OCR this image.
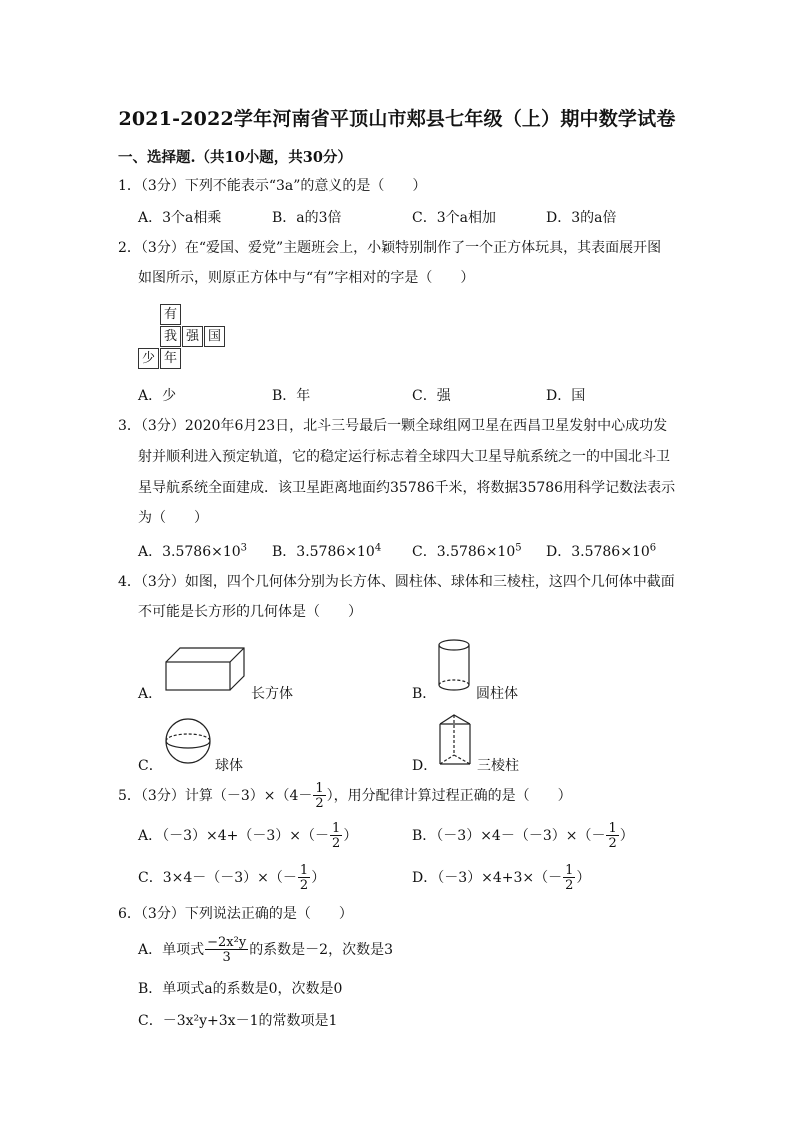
2021-2022学年河南省平顶山市郏县七年级（上）期中数学试卷
一、选择题.（共10小题，共30分）
1．（3分）下列不能表示“3a”的意义的是（　　）
A．3个a相乘	B．a的3倍	C．3个a相加	D．3的a倍
2．（3分）在“爱国、爱党”主题班会上，小颖特别制作了一个正方体玩具，其表面展开图
如图所示，则原正方体中与“有”字相对的字是（　　）
有
我 强 国
少 年
A．少	B．年	C．强	D．国
3．（3分）2020年6月23日，北斗三号最后一颗全球组网卫星在西昌卫星发射中心成功发
射并顺利进入预定轨道，它的稳定运行标志着全球四大卫星导航系统之一的中国北斗卫
星导航系统全面建成．该卫星距离地面约35786千米，将数据35786用科学记数法表示
为（　　）
A．$3.5786\times 10^3$ B．$3.5786\times 10^4$ C．$3.5786\times 10^5$ D．$3.5786\times 10^6$
4．（3分）如图，四个几何体分别为长方体、圆柱体、球体和三棱柱，这四个几何体中截面
不可能是长方形的几何体是（　　）
A．	长方体	B．	圆柱体
C．	球体	D．	三棱柱
5．（3分）计算$(-3)\times(4- \frac{1}{2}$ ），用分配律计算过程正确的是（　　）
A．$(-3)\times 4+(-3)\times(- \frac{1}{2}$ ）	B．$(-3)\times 4-(-3)\times(- \frac{1}{2}$ ）
C．$3\times 4-(-3)\times(- \frac{1}{2}$ ）	D．$(-3)\times 4+3\times(- \frac{1}{2}$ ）
6．（3分）下列说法正确的是（　　）
A．单项式 $\frac{\text{−2x²y}}{3}$ 的系数是－2，次数是3
B．单项式a的系数是0，次数是0
C．－3x²y+3x－1的常数项是1
